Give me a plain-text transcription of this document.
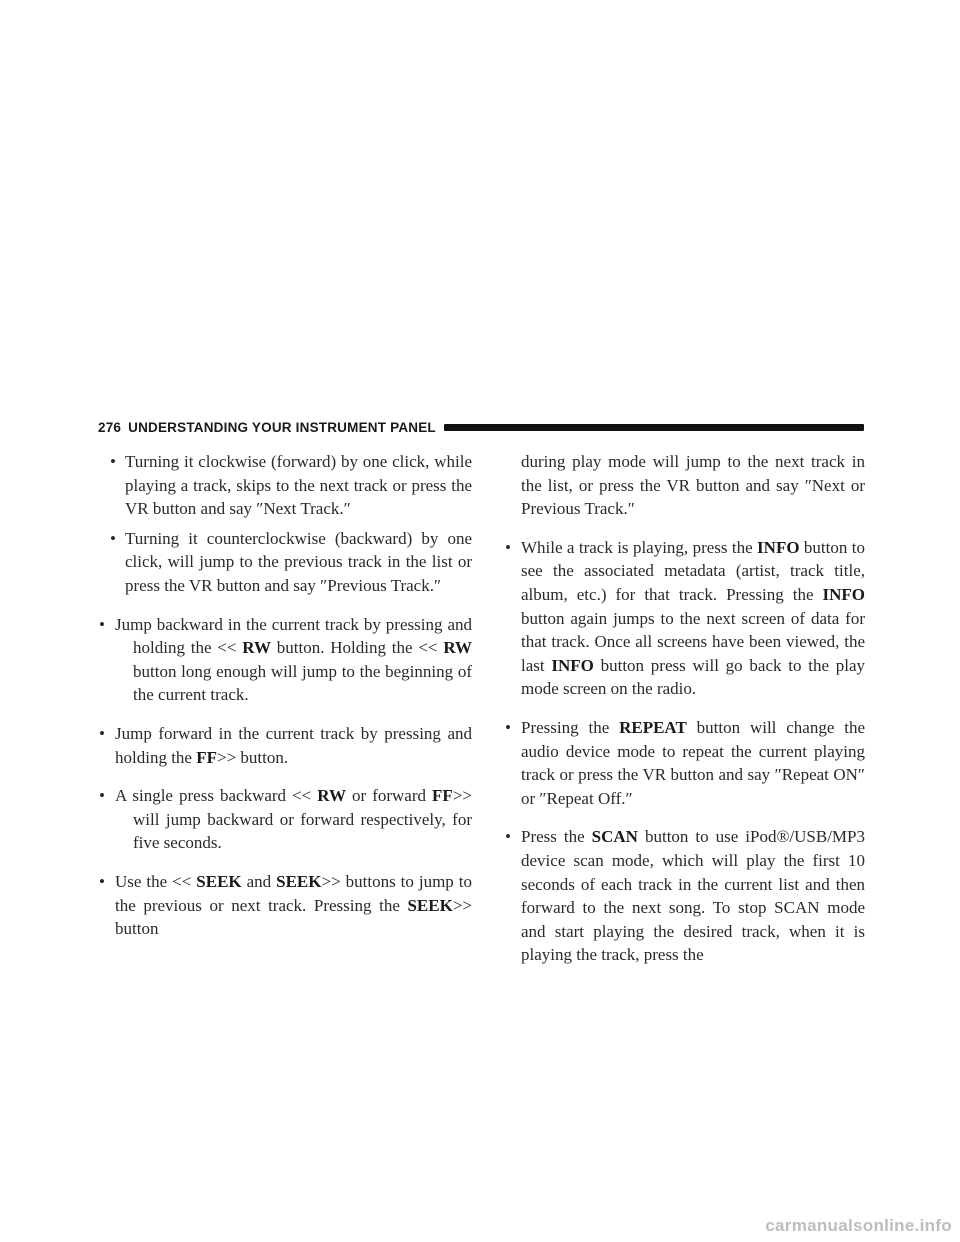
276 UNDERSTANDING YOUR INSTRUMENT PANEL
• Turning it clockwise (forward) by one click, while playing a track, skips to the next track or press the VR button and say ″Next Track.″
• Turning it counterclockwise (backward) by one click, will jump to the previous track in the list or press the VR button and say ″Previous Track.″
• Jump backward in the current track by pressing and holding the << RW button. Holding the << RW button long enough will jump to the beginning of the current track.
• Jump forward in the current track by pressing and holding the FF>> button.
• A single press backward << RW or forward FF>> will jump backward or forward respectively, for five seconds.
• Use the << SEEK and SEEK>> buttons to jump to the previous or next track. Pressing the SEEK>> button
during play mode will jump to the next track in the list, or press the VR button and say ″Next or Previous Track.″
• While a track is playing, press the INFO button to see the associated metadata (artist, track title, album, etc.) for that track. Pressing the INFO button again jumps to the next screen of data for that track. Once all screens have been viewed, the last INFO button press will go back to the play mode screen on the radio.
• Pressing the REPEAT button will change the audio device mode to repeat the current playing track or press the VR button and say ″Repeat ON″ or ″Repeat Off.″
• Press the SCAN button to use iPod®/USB/MP3 device scan mode, which will play the first 10 seconds of each track in the current list and then forward to the next song. To stop SCAN mode and start playing the desired track, when it is playing the track, press the
carmanualsonline.info
